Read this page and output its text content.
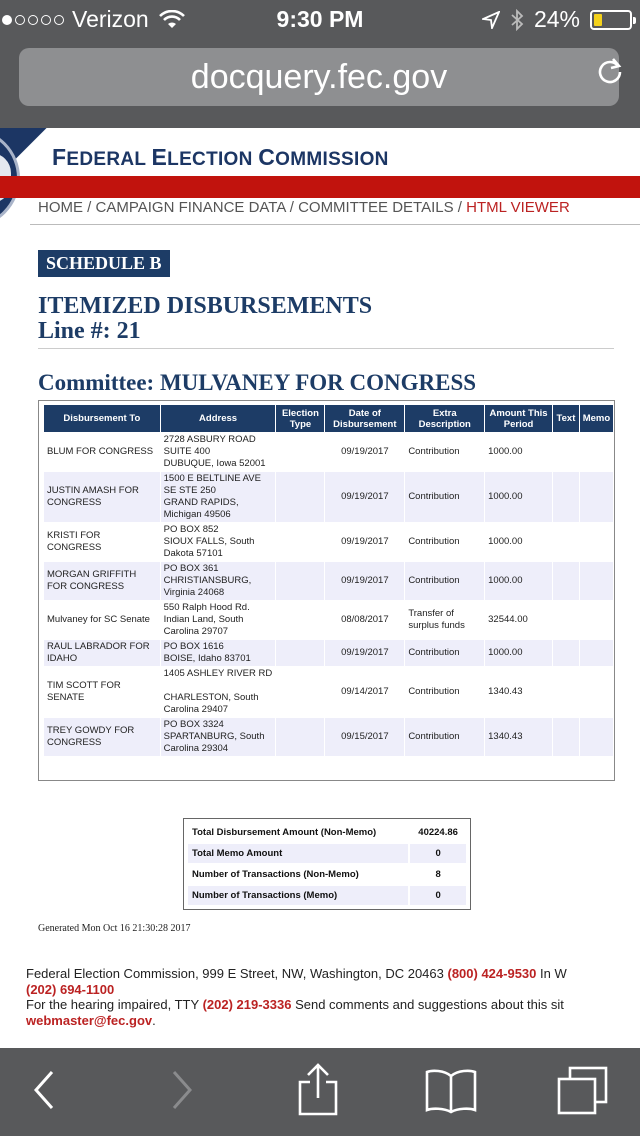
Verizon	9:30 PM	24%
docquery.fec.gov
FEDERAL ELECTION COMMISSION
HOME / CAMPAIGN FINANCE DATA / COMMITTEE DETAILS / HTML VIEWER
SCHEDULE B
ITEMIZED DISBURSEMENTS
Line #: 21
Committee: MULVANEY FOR CONGRESS
Disbursement To	Address	Election Type	Date of Disbursement	Extra Description	Amount This Period	Text	Memo
BLUM FOR CONGRESS	2728 ASBURY ROAD
SUITE 400
DUBUQUE, Iowa 52001		09/19/2017	Contribution	1000.00		
JUSTIN AMASH FOR CONGRESS	1500 E BELTLINE AVE
SE STE 250
GRAND RAPIDS,
Michigan 49506		09/19/2017	Contribution	1000.00		
KRISTI FOR CONGRESS	PO BOX 852
SIOUX FALLS, South
Dakota 57101		09/19/2017	Contribution	1000.00		
MORGAN GRIFFITH FOR CONGRESS	PO BOX 361
CHRISTIANSBURG,
Virginia 24068		09/19/2017	Contribution	1000.00		
Mulvaney for SC Senate	550 Ralph Hood Rd.
Indian Land, South
Carolina 29707		08/08/2017	Transfer of surplus funds	32544.00		
RAUL LABRADOR FOR IDAHO	PO BOX 1616
BOISE, Idaho 83701		09/19/2017	Contribution	1000.00		
TIM SCOTT FOR SENATE	1405 ASHLEY RIVER RD
CHARLESTON, South
Carolina 29407		09/14/2017	Contribution	1340.43		
TREY GOWDY FOR CONGRESS	PO BOX 3324
SPARTANBURG, South
Carolina 29304		09/15/2017	Contribution	1340.43		
Total Disbursement Amount (Non-Memo)	40224.86
Total Memo Amount	0
Number of Transactions (Non-Memo)	8
Number of Transactions (Memo)	0
Generated Mon Oct 16 21:30:28 2017
Federal Election Commission, 999 E Street, NW, Washington, DC 20463 (800) 424-9530 In W
(202) 694-1100
For the hearing impaired, TTY (202) 219-3336 Send comments and suggestions about this sit
webmaster@fec.gov.
